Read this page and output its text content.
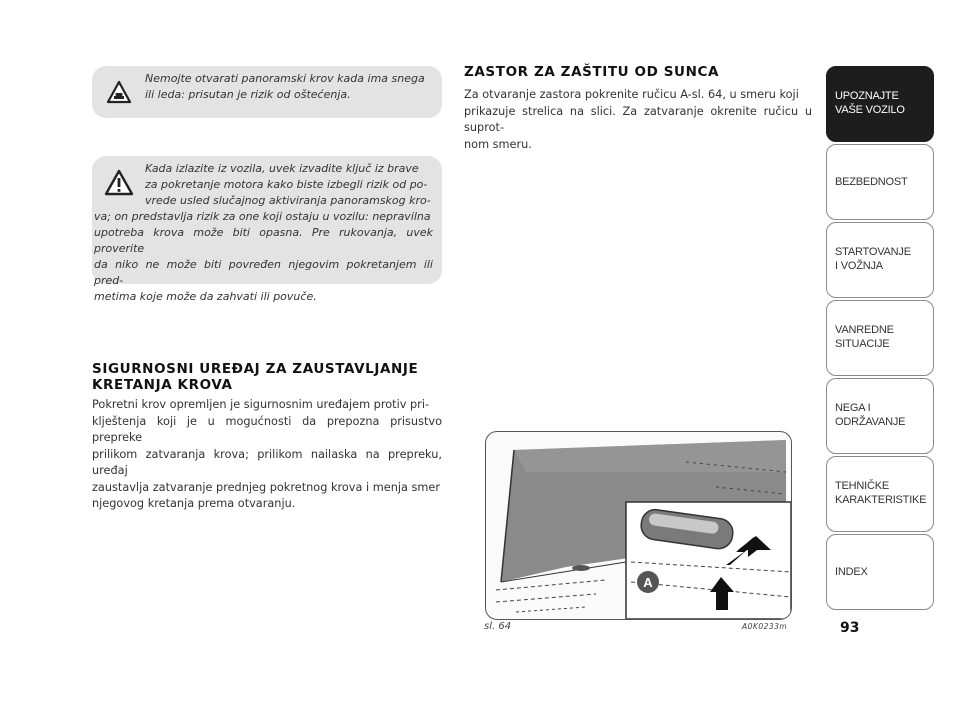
Nemojte otvarati panoramski krov kada ima snega
ili leda: prisutan je rizik od oštećenja.
Kada izlazite iz vozila, uvek izvadite ključ iz brave
za pokretanje motora kako biste izbegli rizik od po-
vrede usled slučajnog aktiviranja panoramskog kro-
va; on predstavlja rizik za one koji ostaju u vozilu: nepravilna
upotreba krova može biti opasna. Pre rukovanja, uvek proverite
da niko ne može biti povređen njegovim pokretanjem ili pred-
metima koje može da zahvati ili povuče.
SIGURNOSNI UREĐAJ ZA ZAUSTAVLJANJE
KRETANJA KROVA
Pokretni krov opremljen je sigurnosnim uređajem protiv pri-
klještenja koji je u mogućnosti da prepozna prisustvo prepreke
prilikom zatvaranja krova; prilikom nailaska na prepreku, uređaj
zaustavlja zatvaranje prednjeg pokretnog krova i menja smer
njegovog kretanja prema otvaranju.
ZASTOR ZA ZAŠTITU OD SUNCA
Za otvaranje zastora pokrenite ručicu A-sl. 64, u smeru koji
prikazuje strelica na slici. Za zatvaranje okrenite ručicu u suprot-
nom smeru.
A
sl. 64	A0K0233m
UPOZNAJTE
VAŠE VOZILO
BEZBEDNOST
STARTOVANJE
I VOŽNJA
VANREDNE
SITUACIJE
NEGA I
ODRŽAVANJE
TEHNIČKE
KARAKTERISTIKE
INDEX
93
